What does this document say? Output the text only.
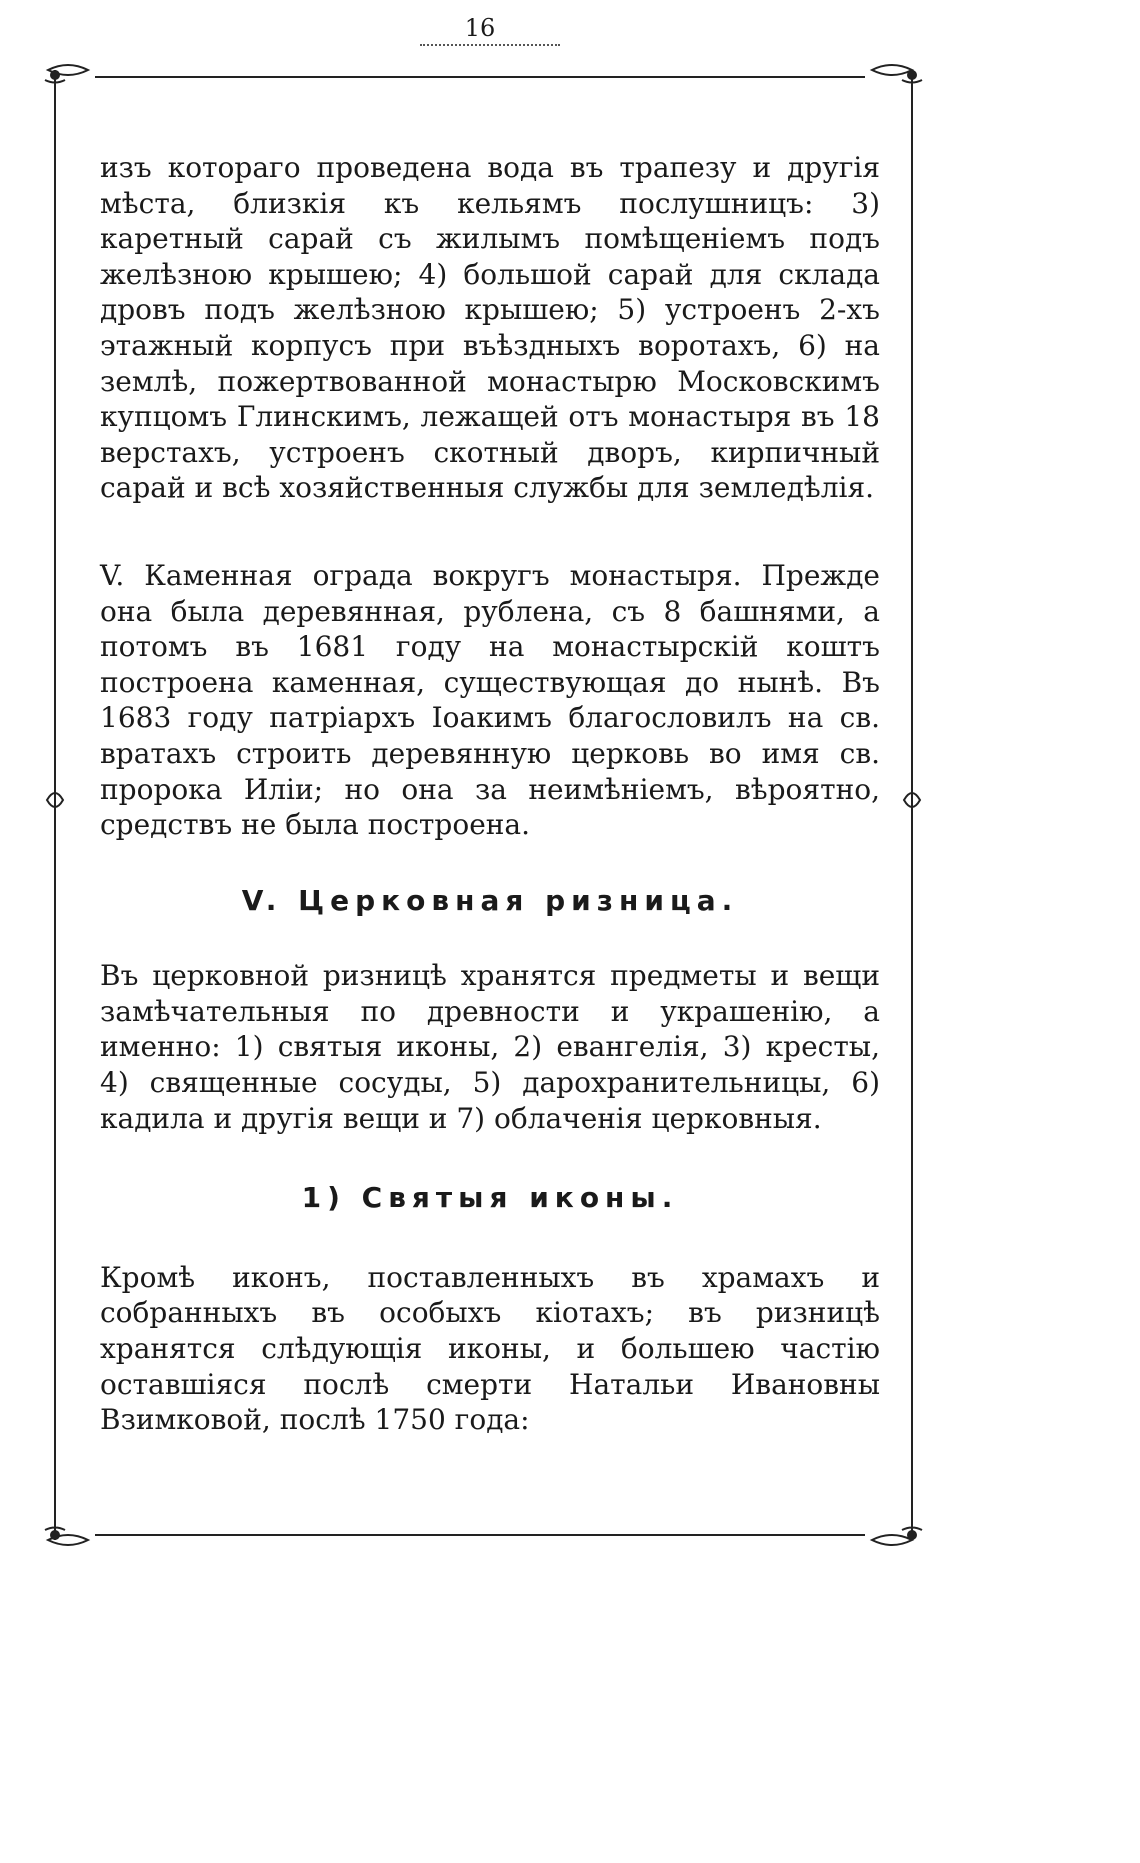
16

изъ котораго проведена вода въ трапезу и другія мѣста, близкія къ кельямъ послушницъ: 3) каретный сарай съ жилымъ помѣщеніемъ подъ желѣзною крышею; 4) большой сарай для склада дровъ подъ желѣзною крышею; 5) устроенъ 2-хъ этажный корпусъ при въѣздныхъ воротахъ, 6) на землѣ, пожертвованной монастырю Московскимъ купцомъ Глинскимъ, лежащей отъ монастыря въ 18 верстахъ, устроенъ скотный дворъ, кирпичный сарай и всѣ хозяйственныя службы для земледѣлія.

V. Каменная ограда вокругъ монастыря. Прежде она была деревянная, рублена, съ 8 башнями, а потомъ въ 1681 году на монастырскій коштъ построена каменная, существующая до нынѣ. Въ 1683 году патріархъ Іоакимъ благословилъ на св. вратахъ строить деревянную церковь во имя св. пророка Иліи; но она за неимѣніемъ, вѣроятно, средствъ не была построена.

V. Церковная ризница.

Въ церковной ризницѣ хранятся предметы и вещи замѣчательныя по древности и украшенію, а именно: 1) святыя иконы, 2) евангелія, 3) кресты, 4) священные сосуды, 5) дарохранительницы, 6) кадила и другія вещи и 7) облаченія церковныя.

1) Святыя иконы.

Кромѣ иконъ, поставленныхъ въ храмахъ и собранныхъ въ особыхъ кіотахъ; въ ризницѣ хранятся слѣдующія иконы, и большею частію оставшіяся послѣ смерти Натальи Ивановны Взимковой, послѣ 1750 года:
